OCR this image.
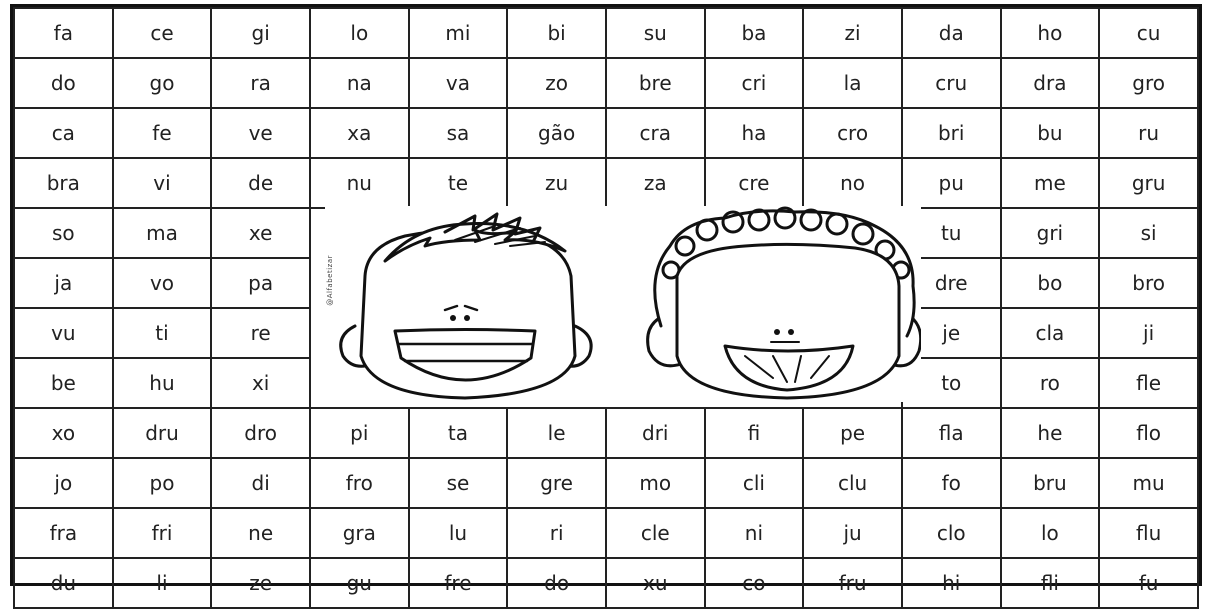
fa	ce	gi	lo	mi	bi	su	ba	zi	da	ho	cu
do	go	ra	na	va	zo	bre	cri	la	cru	dra	gro
ca	fe	ve	xa	sa	gão	cra	ha	cro	bri	bu	ru
bra	vi	de	nu	te	zu	za	cre	no	pu	me	gru
so	ma	xe							tu	gri	si
ja	vo	pa							dre	bo	bro
vu	ti	re							je	cla	ji
be	hu	xi							to	ro	fle
xo	dru	dro	pi	ta	le	dri	fi	pe	fla	he	flo
jo	po	di	fro	se	gre	mo	cli	clu	fo	bru	mu
fra	fri	ne	gra	lu	ri	cle	ni	ju	clo	lo	flu
du	li	ze	gu	fre	do	xu	co	fru	hi	fli	fu
@Alfabetizar
